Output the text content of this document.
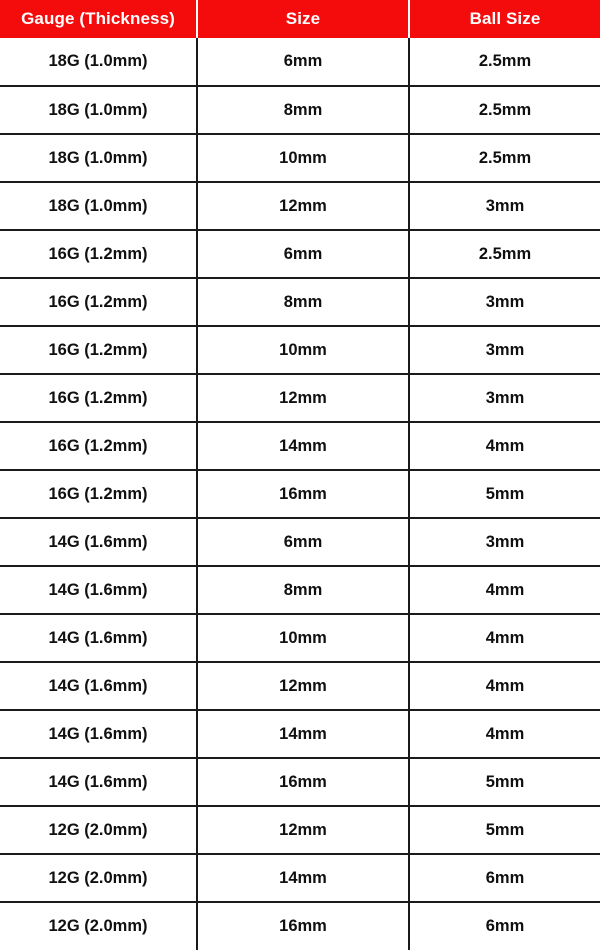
Gauge (Thickness)	Size	Ball Size
18G (1.0mm)	6mm	2.5mm
18G (1.0mm)	8mm	2.5mm
18G (1.0mm)	10mm	2.5mm
18G (1.0mm)	12mm	3mm
16G (1.2mm)	6mm	2.5mm
16G (1.2mm)	8mm	3mm
16G (1.2mm)	10mm	3mm
16G (1.2mm)	12mm	3mm
16G (1.2mm)	14mm	4mm
16G (1.2mm)	16mm	5mm
14G (1.6mm)	6mm	3mm
14G (1.6mm)	8mm	4mm
14G (1.6mm)	10mm	4mm
14G (1.6mm)	12mm	4mm
14G (1.6mm)	14mm	4mm
14G (1.6mm)	16mm	5mm
12G (2.0mm)	12mm	5mm
12G (2.0mm)	14mm	6mm
12G (2.0mm)	16mm	6mm
